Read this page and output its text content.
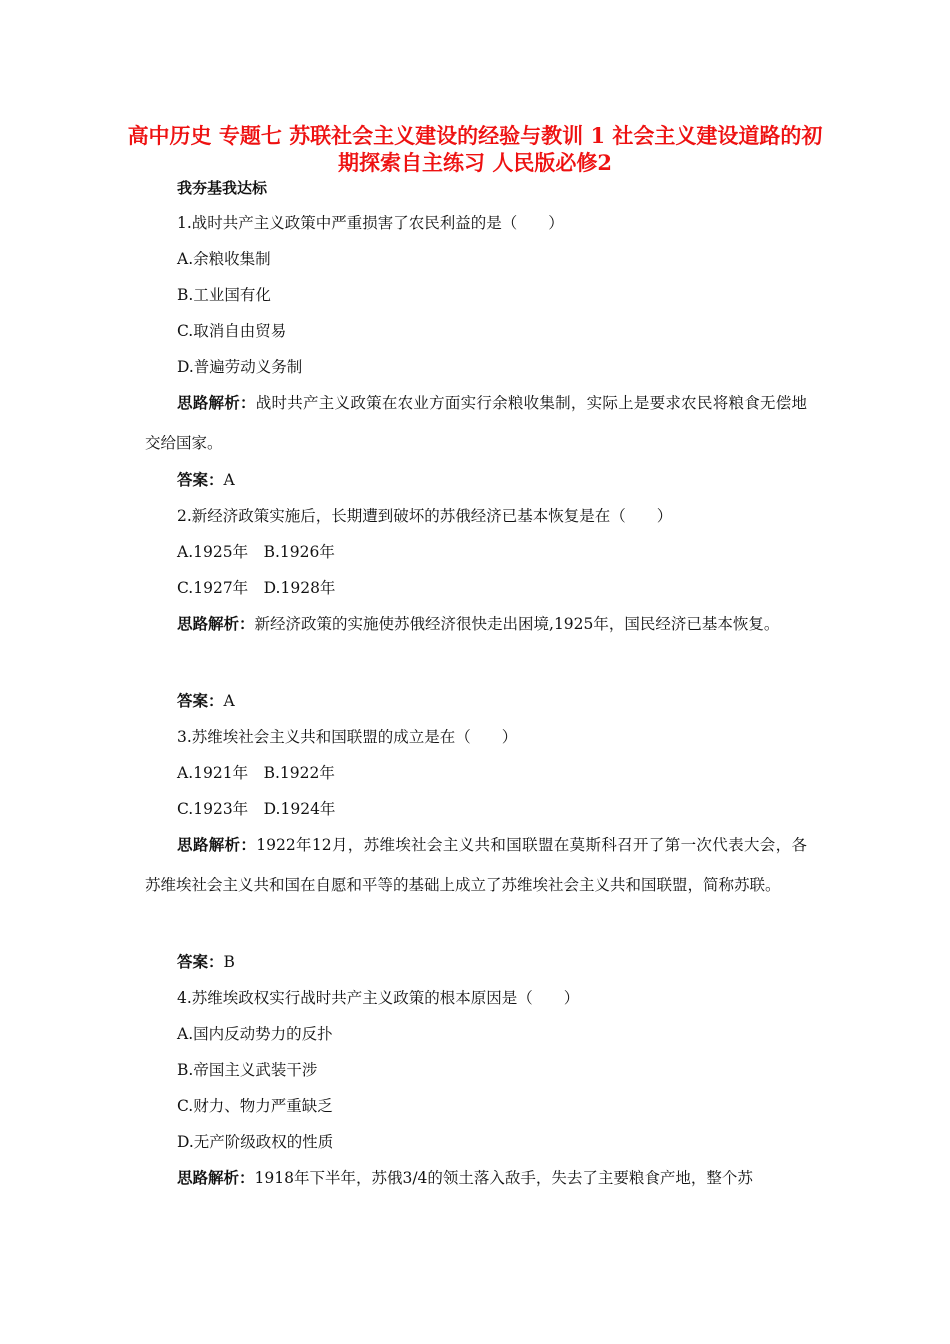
高中历史 专题七 苏联社会主义建设的经验与教训 1 社会主义建设道路的初期探索自主练习 人民版必修2
我夯基我达标
1.战时共产主义政策中严重损害了农民利益的是（　　）
A.余粮收集制
B.工业国有化
C.取消自由贸易
D.普遍劳动义务制
思路解析：战时共产主义政策在农业方面实行余粮收集制，实际上是要求农民将粮食无偿地交给国家。
答案：A
2.新经济政策实施后，长期遭到破坏的苏俄经济已基本恢复是在（　　）
A.1925年　B.1926年
C.1927年　D.1928年
思路解析：新经济政策的实施使苏俄经济很快走出困境,1925年，国民经济已基本恢复。
答案：A
3.苏维埃社会主义共和国联盟的成立是在（　　）
A.1921年　B.1922年
C.1923年　D.1924年
思路解析：1922年12月，苏维埃社会主义共和国联盟在莫斯科召开了第一次代表大会，各苏维埃社会主义共和国在自愿和平等的基础上成立了苏维埃社会主义共和国联盟，简称苏联。
答案：B
4.苏维埃政权实行战时共产主义政策的根本原因是（　　）
A.国内反动势力的反扑
B.帝国主义武装干涉
C.财力、物力严重缺乏
D.无产阶级政权的性质
思路解析：1918年下半年，苏俄3/4的领土落入敌手，失去了主要粮食产地，整个苏
